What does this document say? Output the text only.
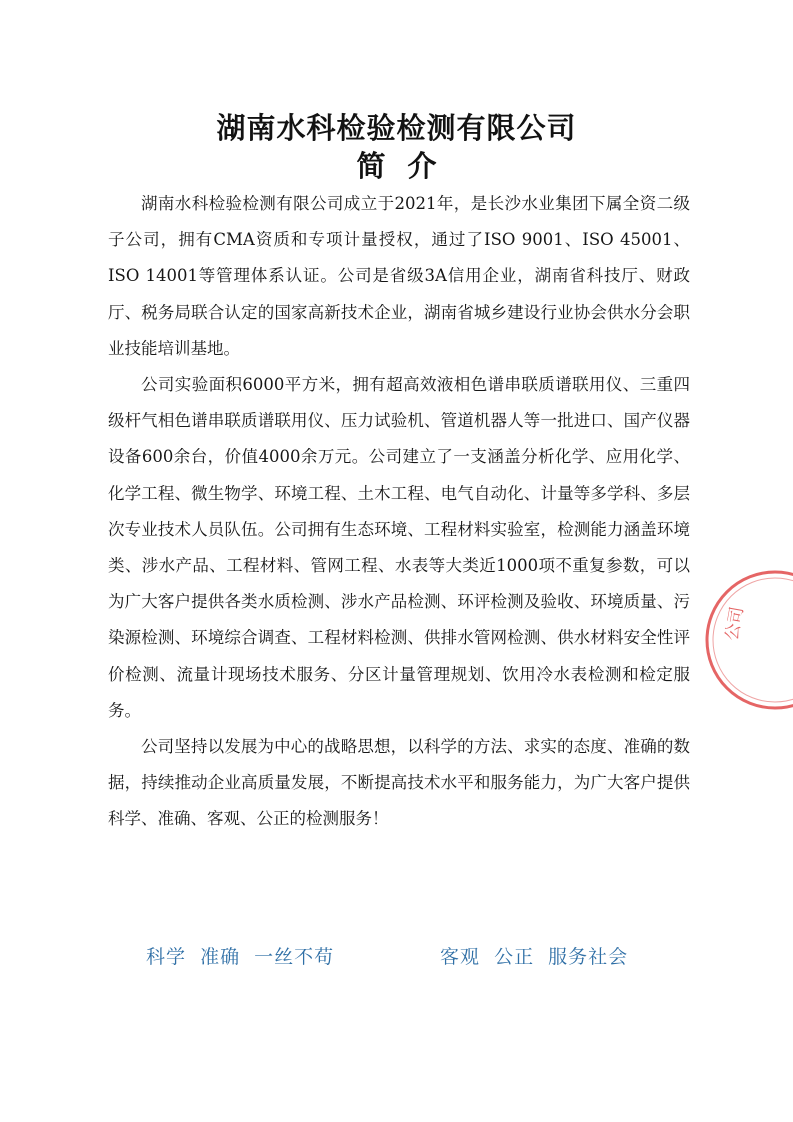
湖南水科检验检测有限公司
简介

湖南水科检验检测有限公司成立于2021年，是长沙水业集团下属全资二级子公司，拥有CMA资质和专项计量授权，通过了ISO 9001、ISO 45001、ISO 14001等管理体系认证。公司是省级3A信用企业，湖南省科技厅、财政厅、税务局联合认定的国家高新技术企业，湖南省城乡建设行业协会供水分会职业技能培训基地。

公司实验面积6000平方米，拥有超高效液相色谱串联质谱联用仪、三重四级杆气相色谱串联质谱联用仪、压力试验机、管道机器人等一批进口、国产仪器设备600余台，价值4000余万元。公司建立了一支涵盖分析化学、应用化学、化学工程、微生物学、环境工程、土木工程、电气自动化、计量等多学科、多层次专业技术人员队伍。公司拥有生态环境、工程材料实验室，检测能力涵盖环境类、涉水产品、工程材料、管网工程、水表等大类近1000项不重复参数，可以为广大客户提供各类水质检测、涉水产品检测、环评检测及验收、环境质量、污染源检测、环境综合调查、工程材料检测、供排水管网检测、供水材料安全性评价检测、流量计现场技术服务、分区计量管理规划、饮用冷水表检测和检定服务。

公司坚持以发展为中心的战略思想，以科学的方法、求实的态度、准确的数据，持续推动企业高质量发展，不断提高技术水平和服务能力，为广大客户提供科学、准确、客观、公正的检测服务！

科学  准确  一丝不苟	客观  公正  服务社会
公司
